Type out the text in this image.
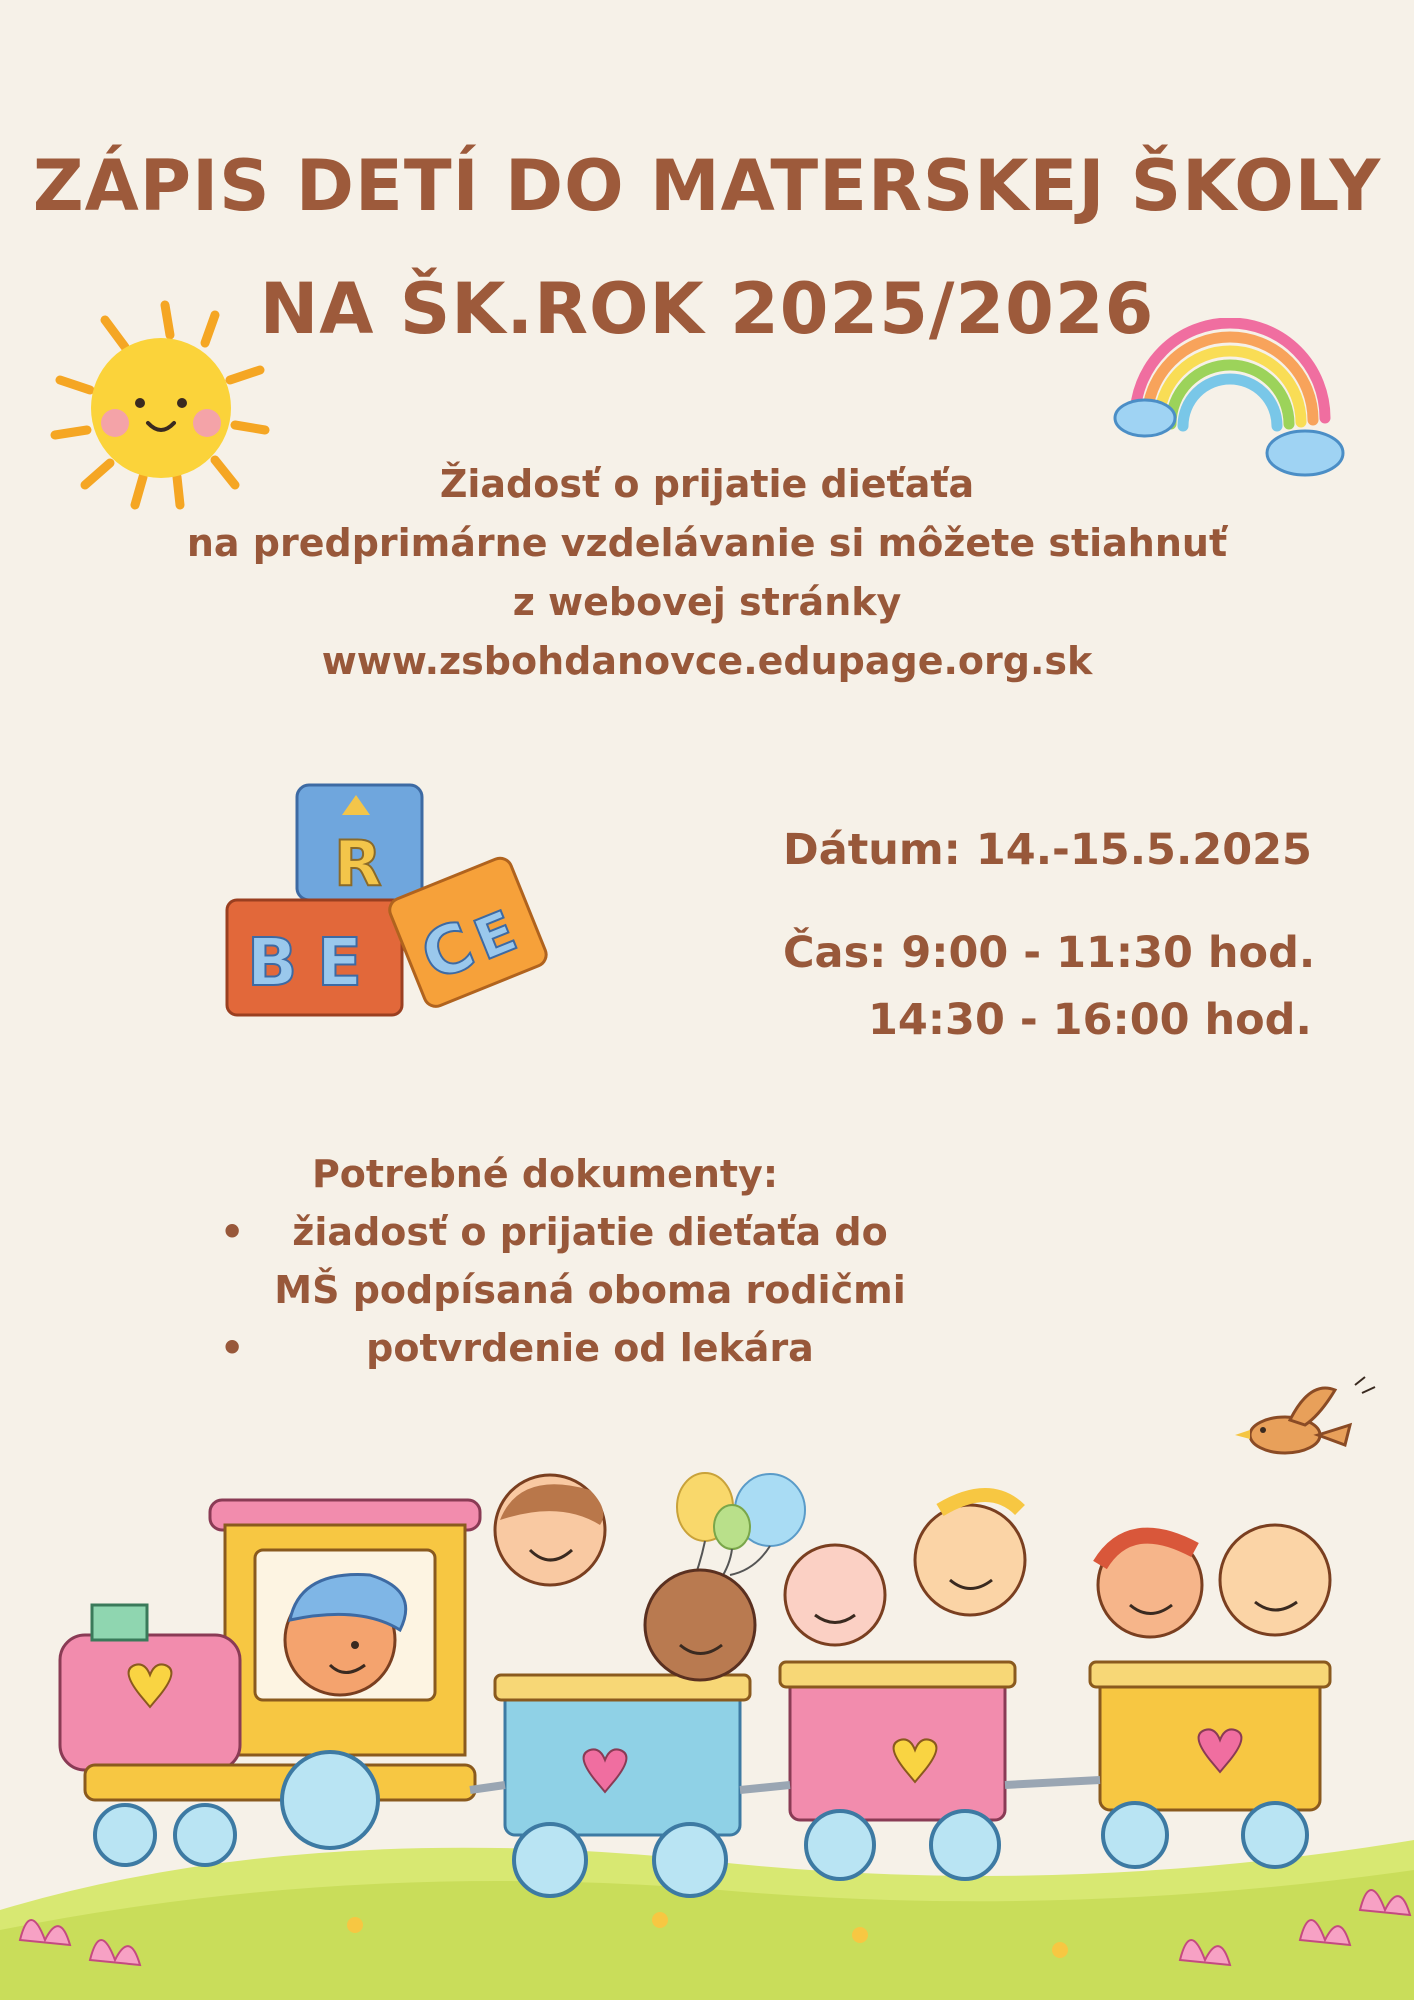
ZÁPIS DETÍ DO MATERSKEJ ŠKOLY
NA ŠK.ROK 2025/2026
Žiadosť o prijatie dieťaťa
na predprimárne vzdelávanie si môžete stiahnuť
z webovej stránky
www.zsbohdanovce.edupage.org.sk
R
B E C
E
Dátum: 14.-15.5.2025
Čas: 9:00 - 11:30 hod.
14:30 - 16:00 hod.
Potrebné dokumenty:
• žiadosť o prijatie dieťaťa do
MŠ podpísaná oboma rodičmi
•	potvrdenie od lekára
